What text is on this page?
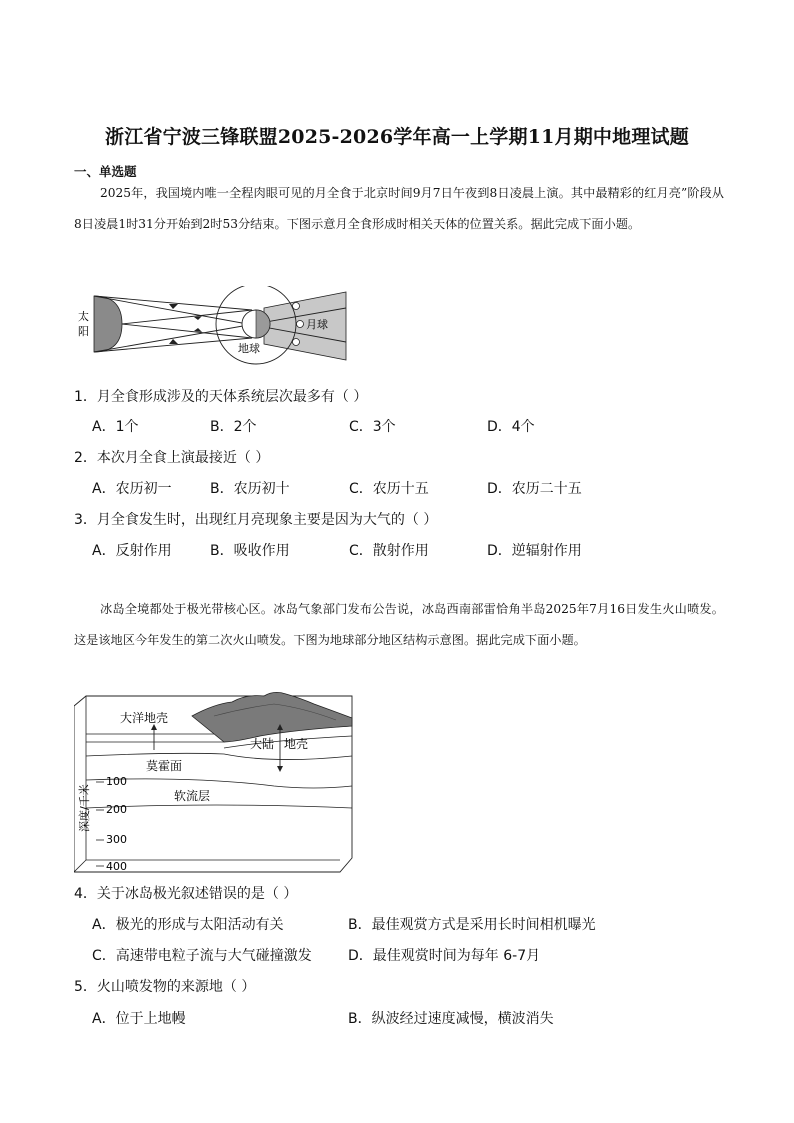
浙江省宁波三锋联盟2025-2026学年高一上学期11月期中地理试题
一、单选题
2025年，我国境内唯一全程肉眼可见的月全食于北京时间9月7日午夜到8日凌晨上演。其中最精彩的红月亮”阶段从8日凌晨1时31分开始到2时53分结束。下图示意月全食形成时相关天体的位置关系。据此完成下面小题。
太
阳
月球
地球
1．月全食形成涉及的天体系统层次最多有（ ）
A．1个	B．2个	C．3个	D．4个
2．本次月全食上演最接近（ ）
A．农历初一	B．农历初十	C．农历十五	D．农历二十五
3．月全食发生时，出现红月亮现象主要是因为大气的（ ）
A．反射作用	B．吸收作用	C．散射作用	D．逆辐射作用
冰岛全境都处于极光带核心区。冰岛气象部门发布公告说，冰岛西南部雷恰角半岛2025年7月16日发生火山喷发。这是该地区今年发生的第二次火山喷发。下图为地球部分地区结构示意图。据此完成下面小题。
大洋地壳
大陆 地壳
莫霍面
软流层
深度/千米
100
200
300
400
4．关于冰岛极光叙述错误的是（ ）
A．极光的形成与太阳活动有关	B．最佳观赏方式是采用长时间相机曝光
C．高速带电粒子流与大气碰撞激发	D．最佳观赏时间为每年 6-7月
5．火山喷发物的来源地（ ）
A．位于上地幔	B．纵波经过速度减慢，横波消失
